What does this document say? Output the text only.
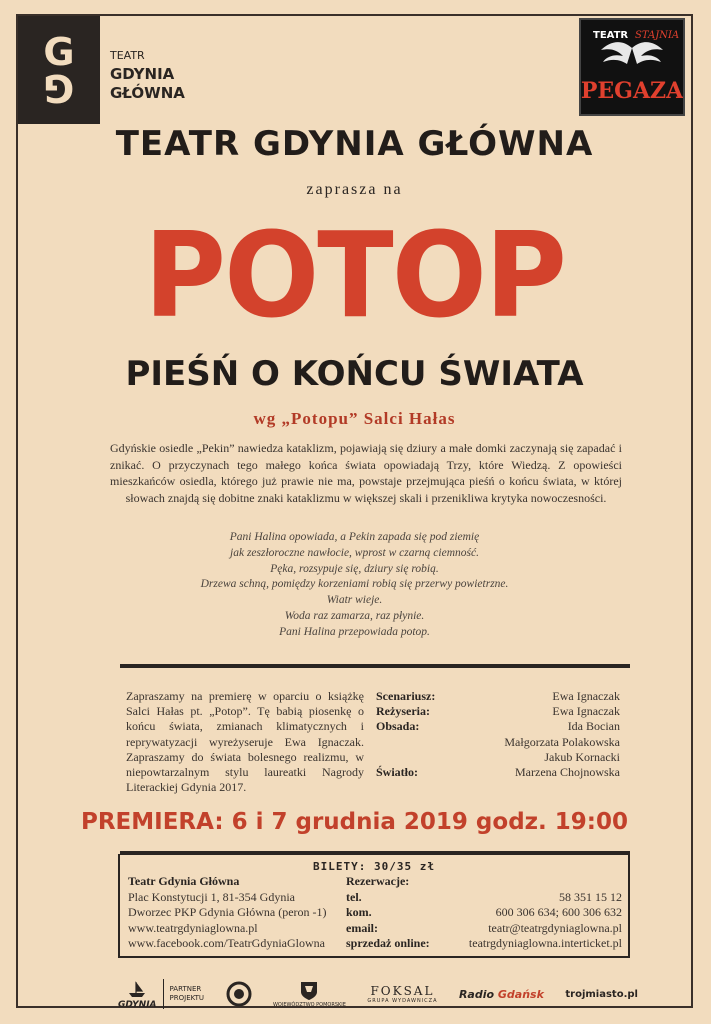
G
G
TEATR
GDYNIA
GŁÓWNA
TEATR STAJNIA
PEGAZA
TEATR GDYNIA GŁÓWNA
zaprasza na
POTOP
PIEŚŃ O KOŃCU ŚWIATA
wg „Potopu” Salci Hałas
Gdyńskie osiedle „Pekin” nawiedza kataklizm, pojawiają się dziury a małe domki zaczynają się zapadać i znikać. O przyczynach tego małego końca świata opowiadają Trzy, które Wiedzą. Z opowieści mieszkańców osiedla, którego już prawie nie ma, powstaje przejmująca pieśń o końcu świata, w której słowach znajdą się dobitne znaki kataklizmu w większej skali i przenikliwa krytyka nowoczesności.
Pani Halina opowiada, a Pekin zapada się pod ziemię
jak zeszłoroczne nawłocie, wprost w czarną ciemność.
Pęka, rozsypuje się, dziury się robią.
Drzewa schną, pomiędzy korzeniami robią się przerwy powietrzne.
Wiatr wieje.
Woda raz zamarza, raz płynie.
Pani Halina przepowiada potop.
Zapraszamy na premierę w oparciu o książkę Salci Hałas pt. „Potop”. Tę babią piosenkę o końcu świata, zmianach klimatycznych i reprywatyzacji wyreżyseruje Ewa Ignaczak. Zapraszamy do świata bolesnego realizmu, w niepowtarzalnym stylu laureatki Nagrody Literackiej Gdynia 2017.
Scenariusz:	Ewa Ignaczak
Reżyseria:	Ewa Ignaczak
Obsada:	Ida Bocian
Małgorzata Polakowska
Jakub Kornacki
Światło:	Marzena Chojnowska
PREMIERA: 6 i 7 grudnia 2019 godz. 19:00
BILETY: 30/35 zł
Teatr Gdynia Główna
Plac Konstytucji 1, 81-354 Gdynia
Dworzec PKP Gdynia Główna (peron -1)
www.teatrgdyniaglowna.pl
www.facebook.com/TeatrGdyniaGlowna
Rezerwacje:
tel.	58 351 15 12
kom.	600 306 634; 600 306 632
email:	teatr@teatrgdyniaglowna.pl
sprzedaż online:	teatrgdyniaglowna.interticket.pl
GDYNIA
PARTNER
PROJEKTU
WOJEWÓDZTWO POMORSKIE
FOKSAL
GRUPA WYDAWNICZA
Radio Gdańsk trojmiasto.pl
